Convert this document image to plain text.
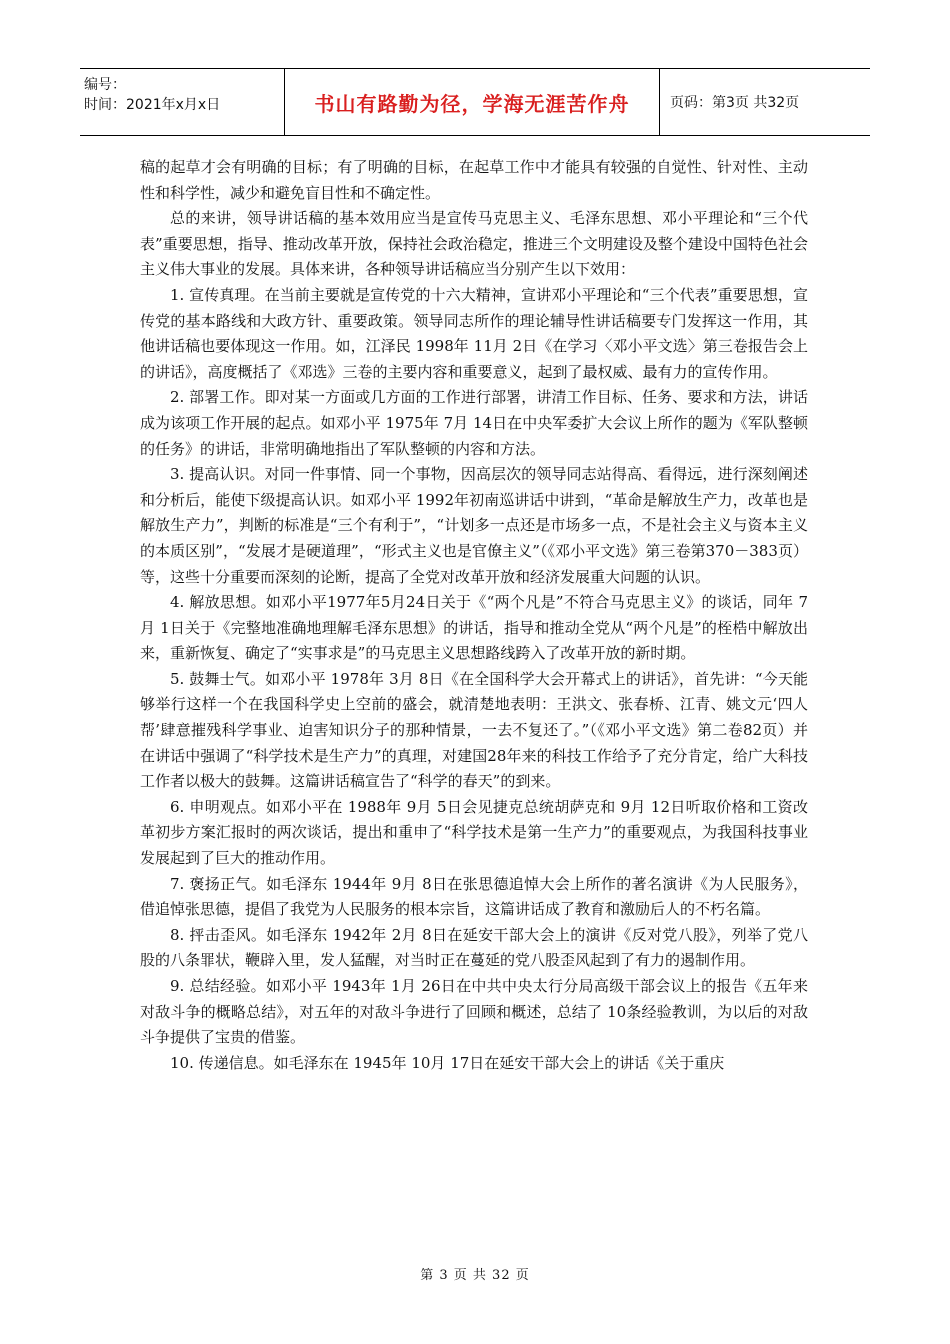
编号：
时间：2021年x月x日	书山有路勤为径，学海无涯苦作舟	页码：第3页 共32页

稿的起草才会有明确的目标；有了明确的目标，在起草工作中才能具有较强的自觉性、针对性、主动性和科学性，减少和避免盲目性和不确定性。

总的来讲，领导讲话稿的基本效用应当是宣传马克思主义、毛泽东思想、邓小平理论和“三个代表”重要思想，指导、推动改革开放，保持社会政治稳定，推进三个文明建设及整个建设中国特色社会主义伟大事业的发展。具体来讲，各种领导讲话稿应当分别产生以下效用：

1. 宣传真理。在当前主要就是宣传党的十六大精神，宣讲邓小平理论和“三个代表”重要思想，宣传党的基本路线和大政方针、重要政策。领导同志所作的理论辅导性讲话稿要专门发挥这一作用，其他讲话稿也要体现这一作用。如，江泽民 1998年 11月 2日《在学习〈邓小平文选〉第三卷报告会上的讲话》，高度概括了《邓选》三卷的主要内容和重要意义，起到了最权威、最有力的宣传作用。

2. 部署工作。即对某一方面或几方面的工作进行部署，讲清工作目标、任务、要求和方法，讲话成为该项工作开展的起点。如邓小平 1975年 7月 14日在中央军委扩大会议上所作的题为《军队整顿的任务》的讲话，非常明确地指出了军队整顿的内容和方法。

3. 提高认识。对同一件事情、同一个事物，因高层次的领导同志站得高、看得远，进行深刻阐述和分析后，能使下级提高认识。如邓小平 1992年初南巡讲话中讲到，“革命是解放生产力，改革也是解放生产力”，判断的标准是“三个有利于”，“计划多一点还是市场多一点，不是社会主义与资本主义的本质区别”，“发展才是硬道理”，“形式主义也是官僚主义”（《邓小平文选》第三卷第370－383页）等，这些十分重要而深刻的论断，提高了全党对改革开放和经济发展重大问题的认识。

4. 解放思想。如邓小平1977年5月24日关于《“两个凡是”不符合马克思主义》的谈话，同年 7月 1日关于《完整地准确地理解毛泽东思想》的讲话，指导和推动全党从“两个凡是”的桎梏中解放出来，重新恢复、确定了“实事求是”的马克思主义思想路线跨入了改革开放的新时期。

5. 鼓舞士气。如邓小平 1978年 3月 8日《在全国科学大会开幕式上的讲话》，首先讲：“今天能够举行这样一个在我国科学史上空前的盛会，就清楚地表明：王洪文、张春桥、江青、姚文元‘四人帮’肆意摧残科学事业、迫害知识分子的那种情景，一去不复还了。”（《邓小平文选》第二卷82页）并在讲话中强调了“科学技术是生产力”的真理，对建国28年来的科技工作给予了充分肯定，给广大科技工作者以极大的鼓舞。这篇讲话稿宣告了“科学的春天”的到来。

6. 申明观点。如邓小平在 1988年 9月 5日会见捷克总统胡萨克和 9月 12日听取价格和工资改革初步方案汇报时的两次谈话，提出和重申了“科学技术是第一生产力”的重要观点，为我国科技事业发展起到了巨大的推动作用。

7. 褒扬正气。如毛泽东 1944年 9月 8日在张思德追悼大会上所作的著名演讲《为人民服务》，借追悼张思德，提倡了我党为人民服务的根本宗旨，这篇讲话成了教育和激励后人的不朽名篇。

8. 抨击歪风。如毛泽东 1942年 2月 8日在延安干部大会上的演讲《反对党八股》，列举了党八股的八条罪状，鞭辟入里，发人猛醒，对当时正在蔓延的党八股歪风起到了有力的遏制作用。

9. 总结经验。如邓小平 1943年 1月 26日在中共中央太行分局高级干部会议上的报告《五年来对敌斗争的概略总结》，对五年的对敌斗争进行了回顾和概述，总结了 10条经验教训，为以后的对敌斗争提供了宝贵的借鉴。

10. 传递信息。如毛泽东在 1945年 10月 17日在延安干部大会上的讲话《关于重庆

第 3 页 共 32 页
